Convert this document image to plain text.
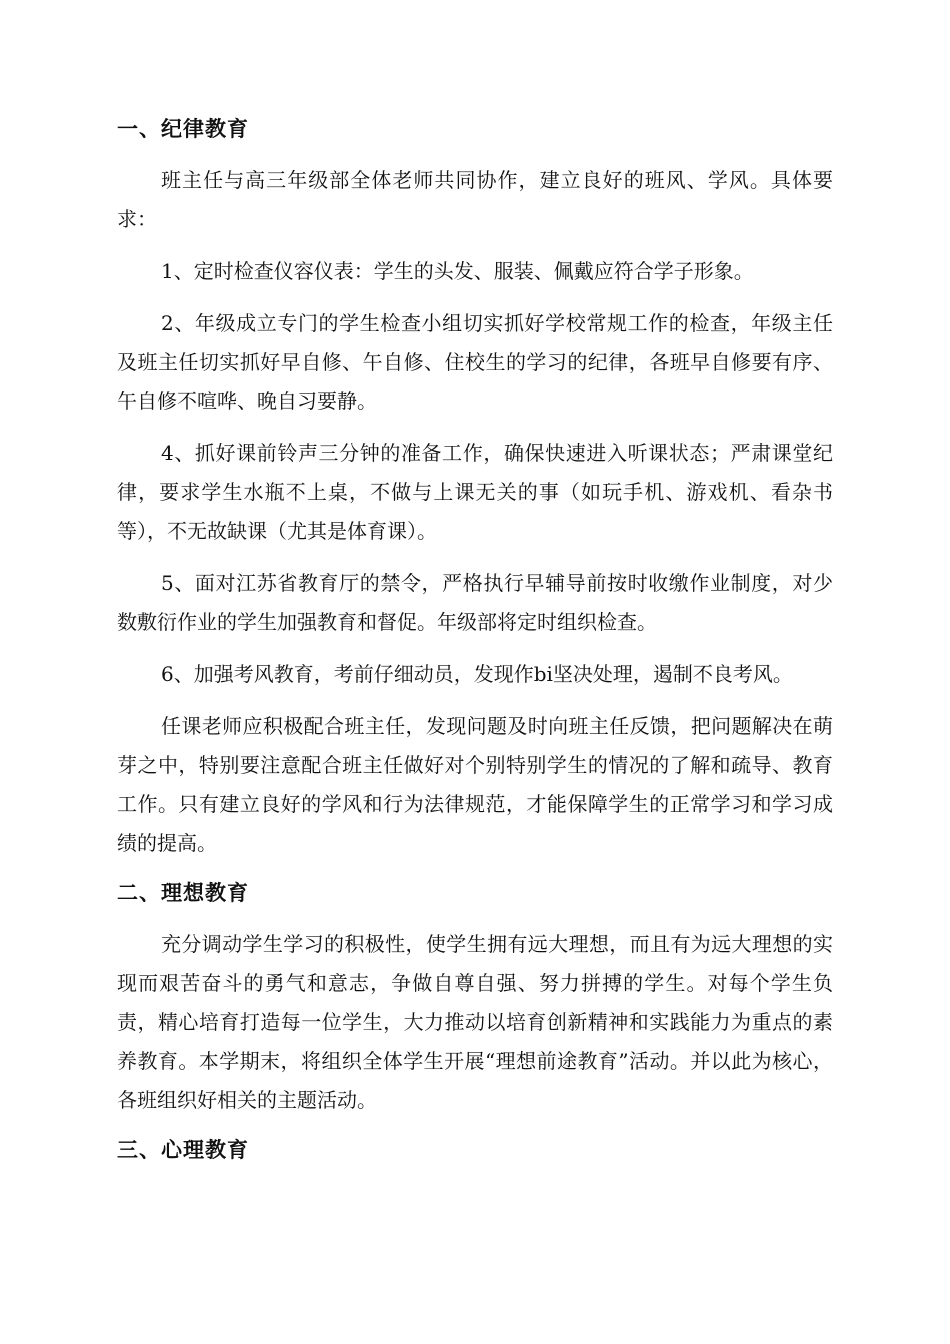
一、纪律教育

班主任与高三年级部全体老师共同协作，建立良好的班风、学风。具体要求：

1、定时检查仪容仪表：学生的头发、服装、佩戴应符合学子形象。

2、年级成立专门的学生检查小组切实抓好学校常规工作的检查，年级主任及班主任切实抓好早自修、午自修、住校生的学习的纪律，各班早自修要有序、午自修不喧哗、晚自习要静。

4、抓好课前铃声三分钟的准备工作，确保快速进入听课状态；严肃课堂纪律，要求学生水瓶不上桌，不做与上课无关的事（如玩手机、游戏机、看杂书等），不无故缺课（尤其是体育课）。

5、面对江苏省教育厅的禁令，严格执行早辅导前按时收缴作业制度，对少数敷衍作业的学生加强教育和督促。年级部将定时组织检查。

6、加强考风教育，考前仔细动员，发现作bi坚决处理，遏制不良考风。

任课老师应积极配合班主任，发现问题及时向班主任反馈，把问题解决在萌芽之中，特别要注意配合班主任做好对个别特别学生的情况的了解和疏导、教育工作。只有建立良好的学风和行为法律规范，才能保障学生的正常学习和学习成绩的提高。

二、理想教育

充分调动学生学习的积极性，使学生拥有远大理想，而且有为远大理想的实现而艰苦奋斗的勇气和意志，争做自尊自强、努力拼搏的学生。对每个学生负责，精心培育打造每一位学生，大力推动以培育创新精神和实践能力为重点的素养教育。本学期末，将组织全体学生开展“理想前途教育”活动。并以此为核心，各班组织好相关的主题活动。

三、心理教育
